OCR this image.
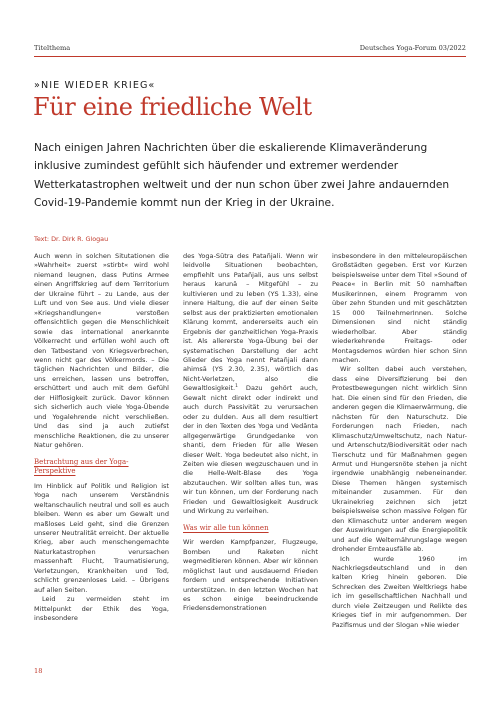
Titelthema	Deutsches Yoga-Forum 03/2022
»NIE WIEDER KRIEG«
Für eine friedliche Welt
Nach einigen Jahren Nachrichten über die eskalierende Klimaveränderung inklusive zumindest gefühlt sich häufender und extremer werdender Wetterkatastrophen weltweit und der nun schon über zwei Jahre andauernden Covid-19-Pandemie kommt nun der Krieg in der Ukraine.
Text: Dr. Dirk R. Glogau

Auch wenn in solchen Situtationen die »Wahrheit« zuerst »stirbt« wird wohl niemand leugnen, dass Putins Armee einen Angriffskrieg auf dem Territorium der Ukraine führt – zu Lande, aus der Luft und von See aus. Und viele dieser »Kriegshandlungen« verstoßen offensichtlich gegen die Menschlichkeit sowie das international anerkannte Völkerrecht und erfüllen wohl auch oft den Tatbestand von Kriegsverbrechen, wenn nicht gar des Völkermords. – Die täglichen Nachrichten und Bilder, die uns erreichen, lassen uns betroffen, erschüttert und auch mit dem Gefühl der Hilflosigkeit zurück. Davor können sich sicherlich auch viele Yoga-Übende und Yogalehrende nicht verschließen. Und das sind ja auch zutiefst menschliche Reaktionen, die zu unserer Natur gehören.

Betrachtung aus der Yoga-Perspektive

Im Hinblick auf Politik und Religion ist Yoga nach unserem Verständnis weltanschaulich neutral und soll es auch bleiben. Wenn es aber um Gewalt und maßloses Leid geht, sind die Grenzen unserer Neutralität erreicht. Der aktuelle Krieg, aber auch menschengemachte Naturkatastrophen verursachen massenhaft Flucht, Traumatisierung, Verletzungen, Krankheiten und Tod, schlicht grenzenloses Leid. – Übrigens auf allen Seiten.

Leid zu vermeiden steht im Mittelpunkt der Ethik des Yoga, insbesondere

des Yoga-Sūtra des Patañjali. Wenn wir leidvolle Situationen beobachten, empfiehlt uns Patañjali, aus uns selbst heraus karunā – Mitgefühl – zu kultivieren und zu leben (YS 1.33), eine innere Haltung, die auf der einen Seite selbst aus der praktizierten emotionalen Klärung kommt, andererseits auch ein Ergebnis der ganzheitlichen Yoga-Praxis ist. Als allererste Yoga-Übung bei der systematischen Darstellung der acht Glieder des Yoga nennt Patañjali dann ahimsā (YS 2.30, 2.35), wörtlich das Nicht-Verletzen, also die Gewaltlosigkeit.$^1$ Dazu gehört auch, Gewalt nicht direkt oder indirekt und auch durch Passivität zu verursachen oder zu dulden. Aus all dem resultiert der in den Texten des Yoga und Vedānta allgegenwärtige Grundgedanke von shanti, dem Frieden für alle Wesen dieser Welt. Yoga bedeutet also nicht, in Zeiten wie diesen wegzuschauen und in die Helle-Welt-Blase des Yoga abzutauchen. Wir sollten alles tun, was wir tun können, um der Forderung nach Frieden und Gewaltlosigkeit Ausdruck und Wirkung zu verleihen.

Was wir alle tun können

Wir werden Kampfpanzer, Flugzeuge, Bomben und Raketen nicht wegmeditieren können. Aber wir können möglichst laut und ausdauernd Frieden fordern und entsprechende Initiativen unterstützen. In den letzten Wochen hat es schon einige beeindruckende Friedensdemonstrationen

insbesondere in den mitteleuropäischen Großstädten gegeben. Erst vor Kurzen beispielsweise unter dem Titel »Sound of Peace« in Berlin mit 50 namhaften Musikerinnen, einem Programm von über zehn Stunden und mit geschätzten 15 000 TeilnehmerInnen. Solche Dimensionen sind nicht ständig wiederholbar. Aber ständig wiederkehrende Freitags- oder Montagsdemos würden hier schon Sinn machen.

Wir sollten dabei auch verstehen, dass eine Diversifizierung bei den Protestbewegungen nicht wirklich Sinn hat. Die einen sind für den Frieden, die anderen gegen die Klimaerwärmung, die nächsten für den Naturschutz. Die Forderungen nach Frieden, nach Klimaschutz/Umweltschutz, nach Natur- und Artenschutz/Biodiversität oder nach Tierschutz und für Maßnahmen gegen Armut und Hungersnöte stehen ja nicht irgendwie unabhängig nebeneinander. Diese Themen hängen systemisch miteinander zusammen. Für den Ukrainekrieg zeichnen sich jetzt beispielsweise schon massive Folgen für den Klimaschutz unter anderem wegen der Auswirkungen auf die Energiepolitik und auf die Welternährungslage wegen drohender Ernteausfälle ab.

Ich wurde 1960 im Nachkriegsdeutschland und in den kalten Krieg hinein geboren. Die Schrecken des Zweiten Weltkriegs habe ich im gesellschaftlichen Nachhall und durch viele Zeitzeugen und Relikte des Krieges tief in mir aufgenommen. Der Pazifismus und der Slogan »Nie wieder

18
